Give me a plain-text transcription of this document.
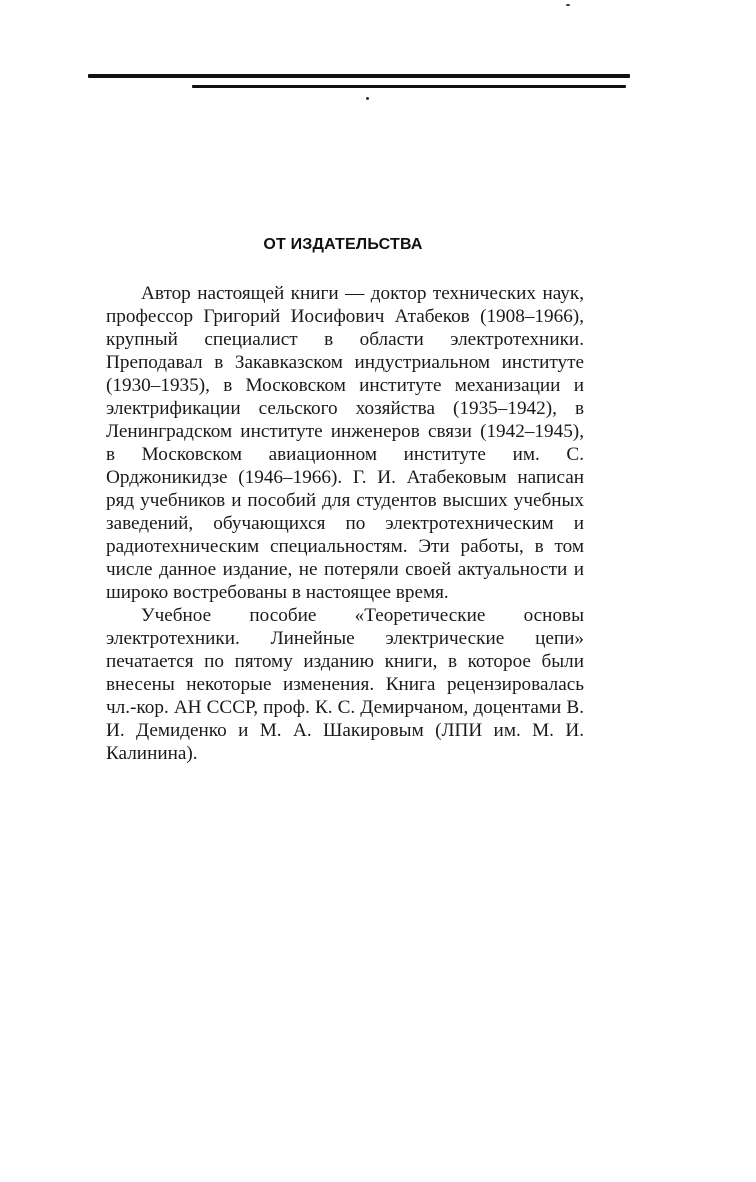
ОТ ИЗДАТЕЛЬСТВА

Автор настоящей книги — доктор технических наук, профессор Григорий Иосифович Атабеков (1908–1966), крупный специалист в области электротехники. Преподавал в Закавказском индустриальном институте (1930–1935), в Московском институте механизации и электрификации сельского хозяйства (1935–1942), в Ленинградском институте инженеров связи (1942–1945), в Московском авиационном институте им. С. Орджоникидзе (1946–1966). Г. И. Атабековым написан ряд учебников и пособий для студентов высших учебных заведений, обучающихся по электротехническим и радиотехническим специальностям. Эти работы, в том числе данное издание, не потеряли своей актуальности и широко востребованы в настоящее время.

Учебное пособие «Теоретические основы электротехники. Линейные электрические цепи» печатается по пятому изданию книги, в которое были внесены некоторые изменения. Книга рецензировалась чл.-кор. АН СССР, проф. К. С. Демирчаном, доцентами В. И. Демиденко и М. А. Шакировым (ЛПИ им. М. И. Калинина).
